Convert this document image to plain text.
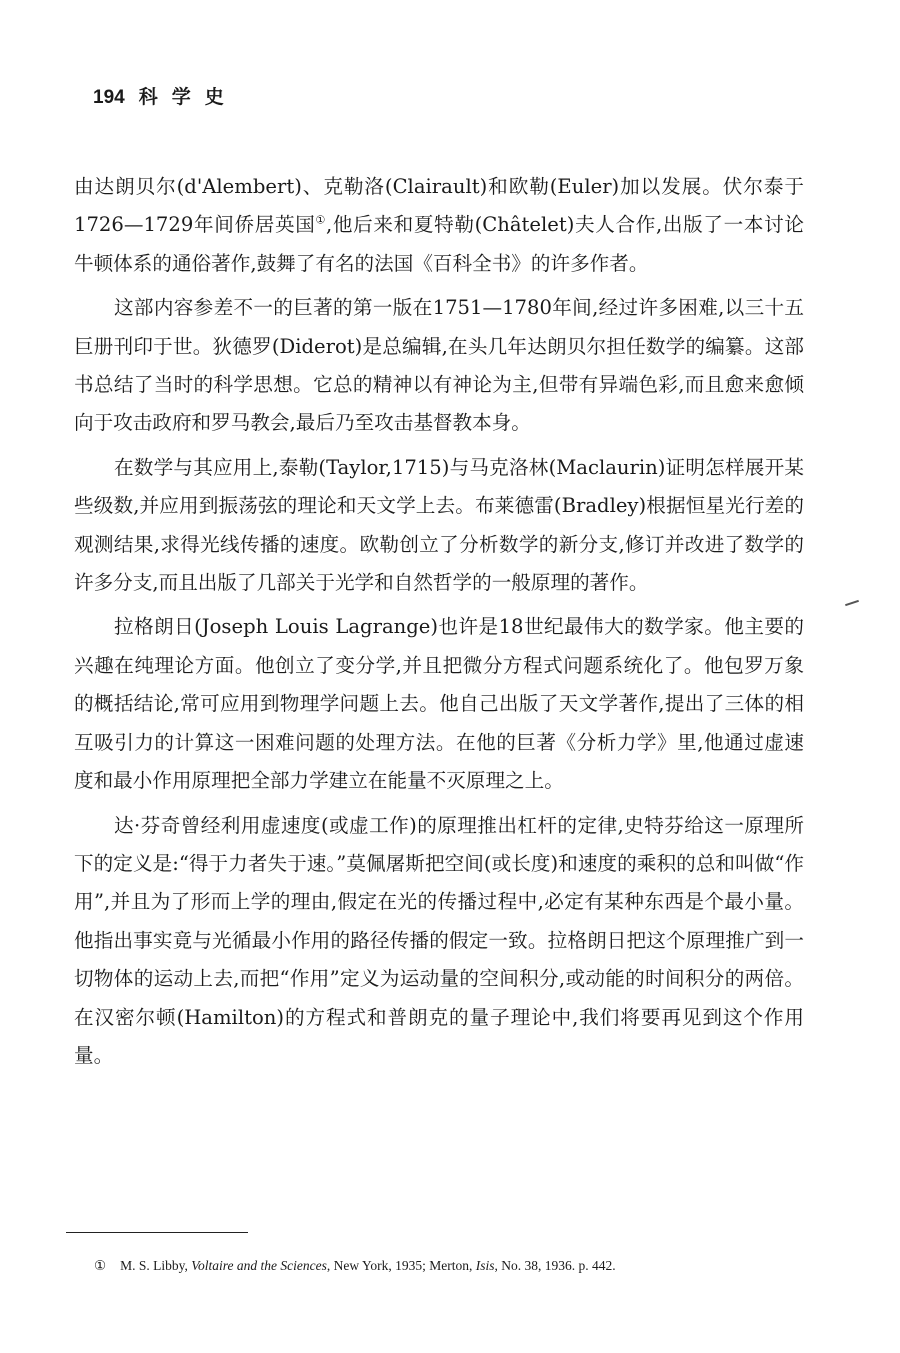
194 科学史

由达朗贝尔(d'Alembert)、克勒洛(Clairault)和欧勒(Euler)加以发展。伏尔泰于1726—1729年间侨居英国①,他后来和夏特勒(Châtelet)夫人合作,出版了一本讨论牛顿体系的通俗著作,鼓舞了有名的法国《百科全书》的许多作者。

这部内容参差不一的巨著的第一版在1751—1780年间,经过许多困难,以三十五巨册刊印于世。狄德罗(Diderot)是总编辑,在头几年达朗贝尔担任数学的编纂。这部书总结了当时的科学思想。它总的精神以有神论为主,但带有异端色彩,而且愈来愈倾向于攻击政府和罗马教会,最后乃至攻击基督教本身。

在数学与其应用上,泰勒(Taylor,1715)与马克洛林(Maclaurin)证明怎样展开某些级数,并应用到振荡弦的理论和天文学上去。布莱德雷(Bradley)根据恒星光行差的观测结果,求得光线传播的速度。欧勒创立了分析数学的新分支,修订并改进了数学的许多分支,而且出版了几部关于光学和自然哲学的一般原理的著作。

拉格朗日(Joseph Louis Lagrange)也许是18世纪最伟大的数学家。他主要的兴趣在纯理论方面。他创立了变分学,并且把微分方程式问题系统化了。他包罗万象的概括结论,常可应用到物理学问题上去。他自己出版了天文学著作,提出了三体的相互吸引力的计算这一困难问题的处理方法。在他的巨著《分析力学》里,他通过虚速度和最小作用原理把全部力学建立在能量不灭原理之上。

达·芬奇曾经利用虚速度(或虚工作)的原理推出杠杆的定律,史特芬给这一原理所下的定义是:“得于力者失于速。”莫佩屠斯把空间(或长度)和速度的乘积的总和叫做“作用”,并且为了形而上学的理由,假定在光的传播过程中,必定有某种东西是个最小量。他指出事实竟与光循最小作用的路径传播的假定一致。拉格朗日把这个原理推广到一切物体的运动上去,而把“作用”定义为运动量的空间积分,或动能的时间积分的两倍。在汉密尔顿(Hamilton)的方程式和普朗克的量子理论中,我们将要再见到这个作用量。

① M. S. Libby, Voltaire and the Sciences, New York, 1935; Merton, Isis, No. 38, 1936. p. 442.
